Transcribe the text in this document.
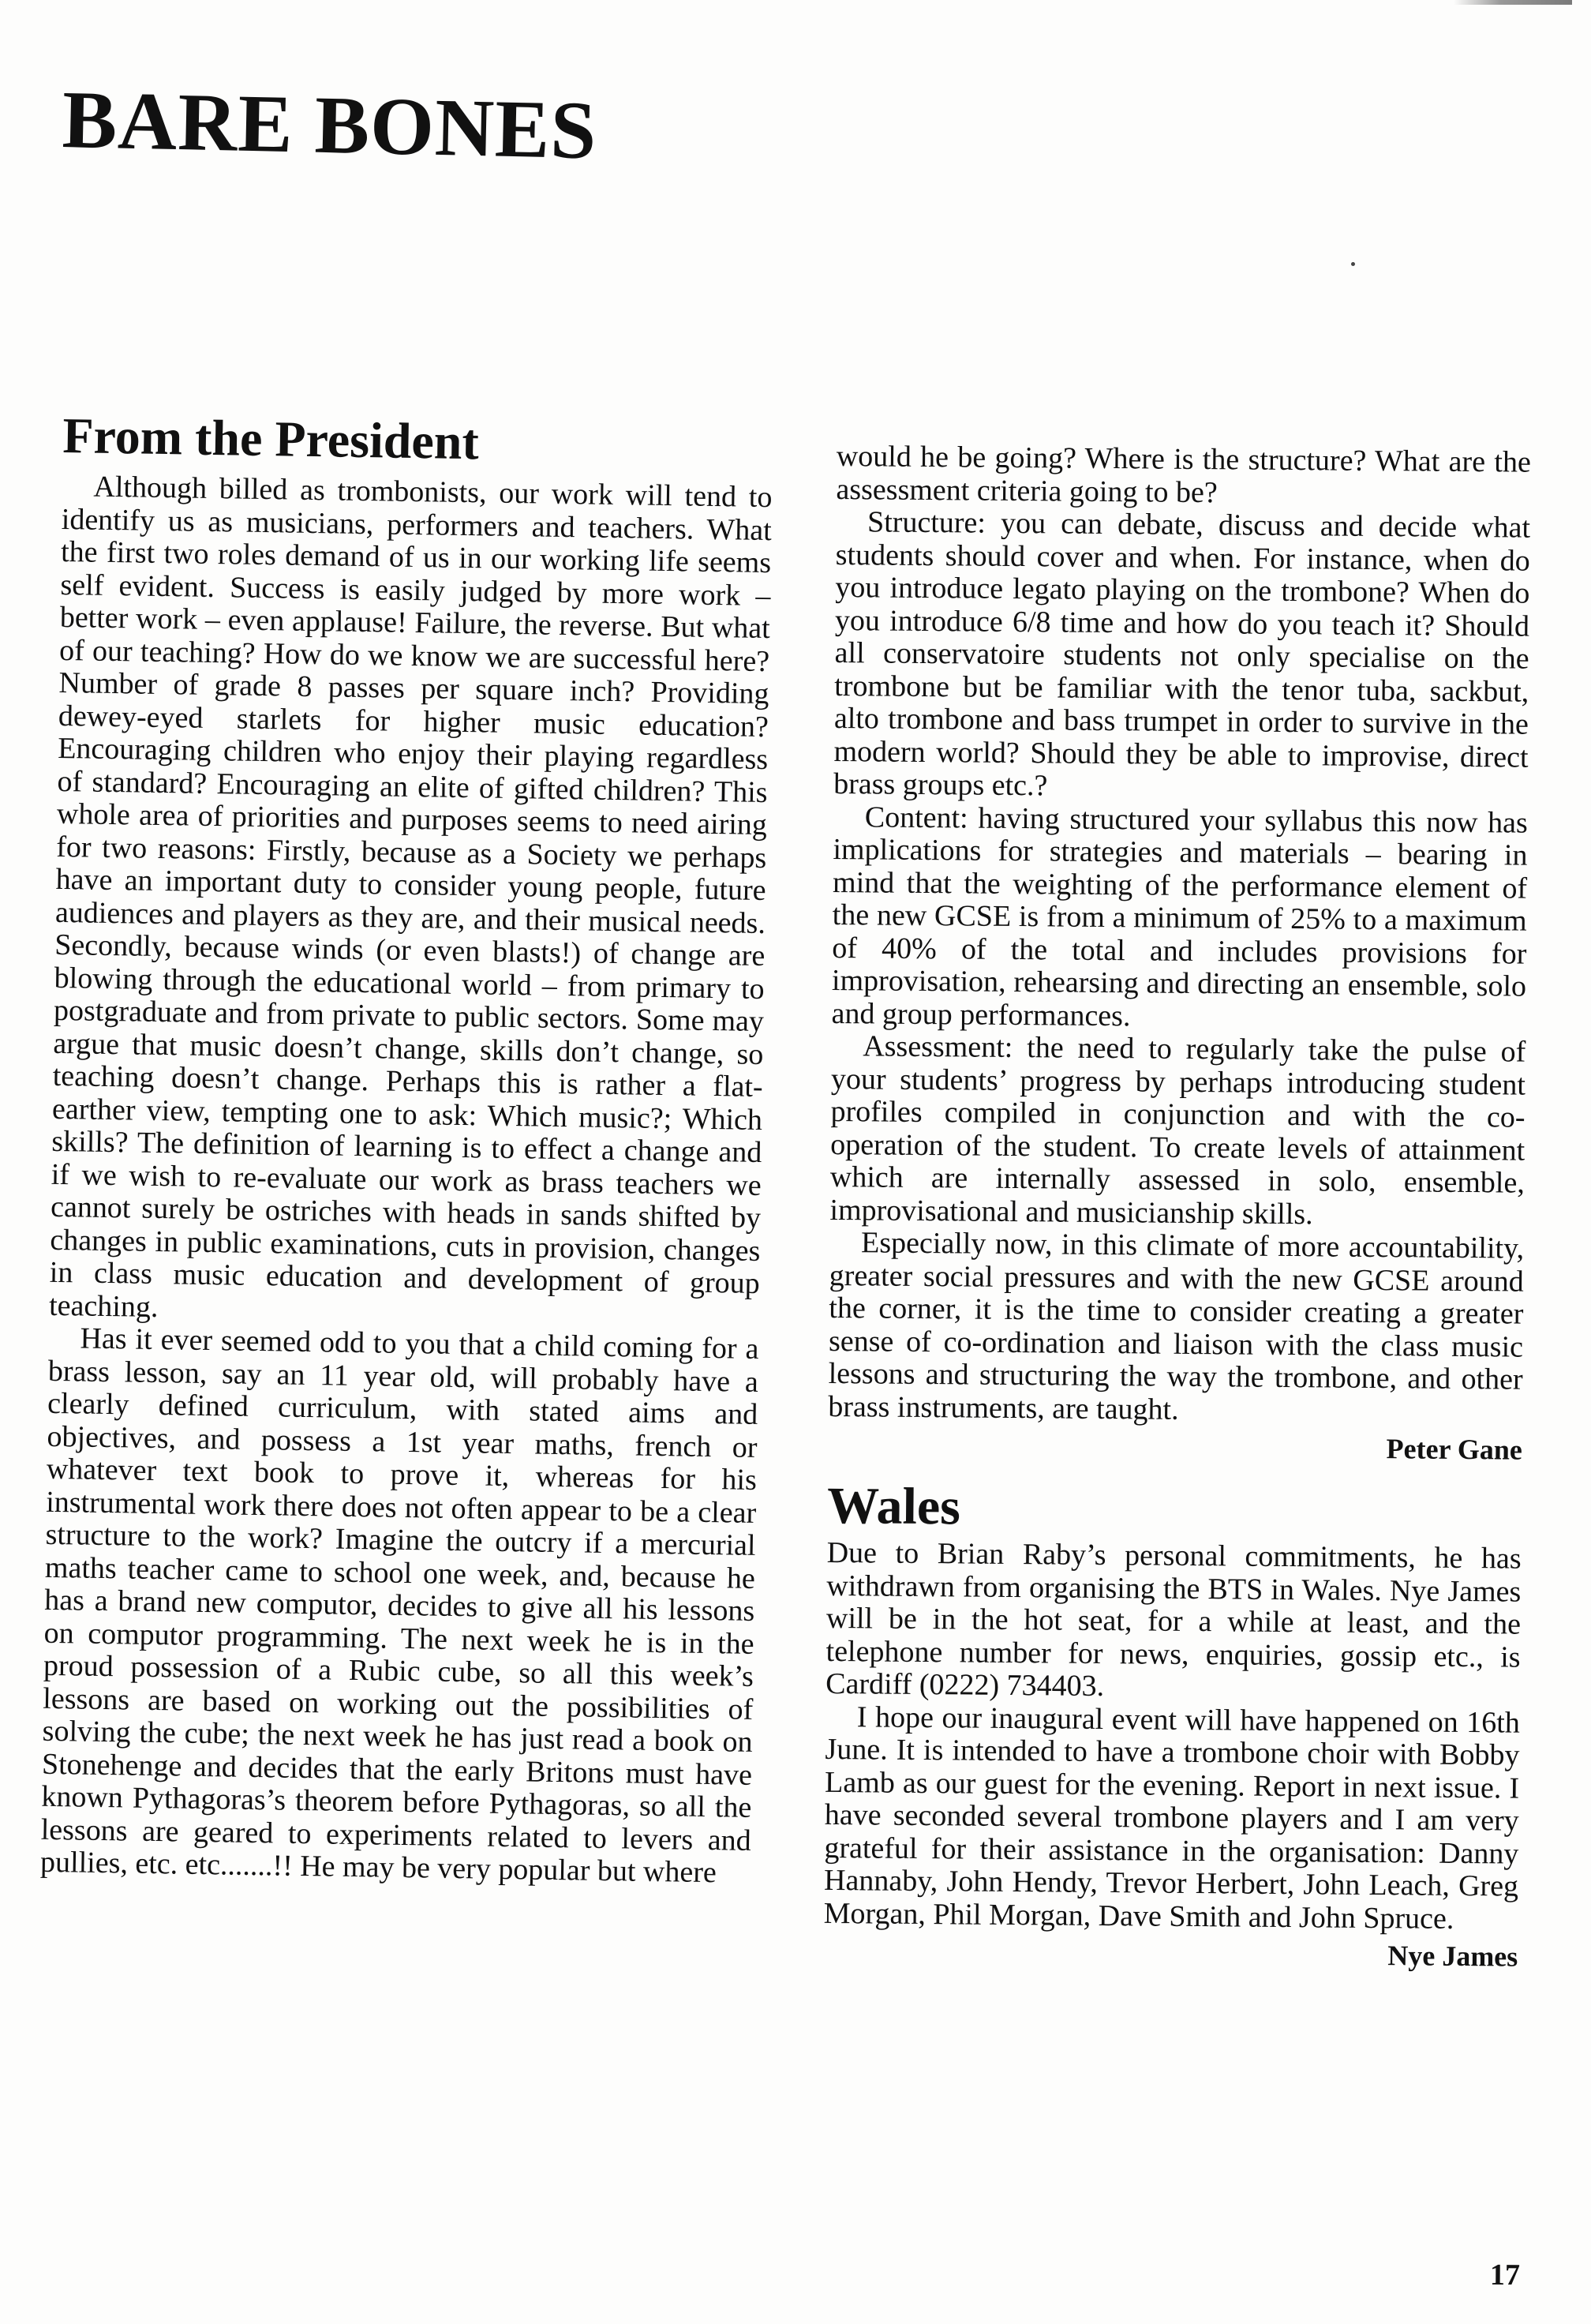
BARE BONES
From the President

Although billed as trombonists, our work will tend to identify us as musicians, performers and teachers. What the first two roles demand of us in our working life seems self evident. Success is easily judged by more work – better work – even applause! Failure, the reverse. But what of our teaching? How do we know we are successful here? Number of grade 8 passes per square inch? Providing dewey-eyed starlets for higher music education? Encouraging children who enjoy their playing regardless of standard? Encouraging an elite of gifted children? This whole area of priorities and purposes seems to need airing for two reasons: Firstly, because as a Society we perhaps have an important duty to consider young people, future audiences and players as they are, and their musical needs. Secondly, because winds (or even blasts!) of change are blowing through the educational world – from primary to postgraduate and from private to public sectors. Some may argue that music doesn’t change, skills don’t change, so teaching doesn’t change. Perhaps this is rather a flat-earther view, tempting one to ask: Which music?; Which skills? The definition of learning is to effect a change and if we wish to re-evaluate our work as brass teachers we cannot surely be ostriches with heads in sands shifted by changes in public examinations, cuts in provision, changes in class music education and development of group teaching.

Has it ever seemed odd to you that a child coming for a brass lesson, say an 11 year old, will probably have a clearly defined curriculum, with stated aims and objectives, and possess a 1st year maths, french or whatever text book to prove it, whereas for his instrumental work there does not often appear to be a clear structure to the work? Imagine the outcry if a mercurial maths teacher came to school one week, and, because he has a brand new computor, decides to give all his lessons on computor programming. The next week he is in the proud possession of a Rubic cube, so all this week’s lessons are based on working out the possibilities of solving the cube; the next week he has just read a book on Stonehenge and decides that the early Britons must have known Pythagoras’s theorem before Pythagoras, so all the lessons are geared to experiments related to levers and pullies, etc. etc.......!! He may be very popular but where

would he be going? Where is the structure? What are the assessment criteria going to be?

Structure: you can debate, discuss and decide what students should cover and when. For instance, when do you introduce legato playing on the trombone? When do you introduce 6/8 time and how do you teach it? Should all conservatoire students not only specialise on the trombone but be familiar with the tenor tuba, sackbut, alto trombone and bass trumpet in order to survive in the modern world? Should they be able to improvise, direct brass groups etc.?

Content: having structured your syllabus this now has implications for strategies and materials – bearing in mind that the weighting of the performance element of the new GCSE is from a minimum of 25% to a maximum of 40% of the total and includes provisions for improvisation, rehearsing and directing an ensemble, solo and group performances.

Assessment: the need to regularly take the pulse of your students’ progress by perhaps introducing student profiles compiled in conjunction and with the co-operation of the student. To create levels of attainment which are internally assessed in solo, ensemble, improvisational and musicianship skills.

Especially now, in this climate of more accountability, greater social pressures and with the new GCSE around the corner, it is the time to consider creating a greater sense of co-ordination and liaison with the class music lessons and structuring the way the trombone, and other brass instruments, are taught.

Peter Gane
Wales

Due to Brian Raby’s personal commitments, he has withdrawn from organising the BTS in Wales. Nye James will be in the hot seat, for a while at least, and the telephone number for news, enquiries, gossip etc., is Cardiff (0222) 734403.

I hope our inaugural event will have happened on 16th June. It is intended to have a trombone choir with Bobby Lamb as our guest for the evening. Report in next issue. I have seconded several trombone players and I am very grateful for their assistance in the organisation: Danny Hannaby, John Hendy, Trevor Herbert, John Leach, Greg Morgan, Phil Morgan, Dave Smith and John Spruce.

Nye James
17
